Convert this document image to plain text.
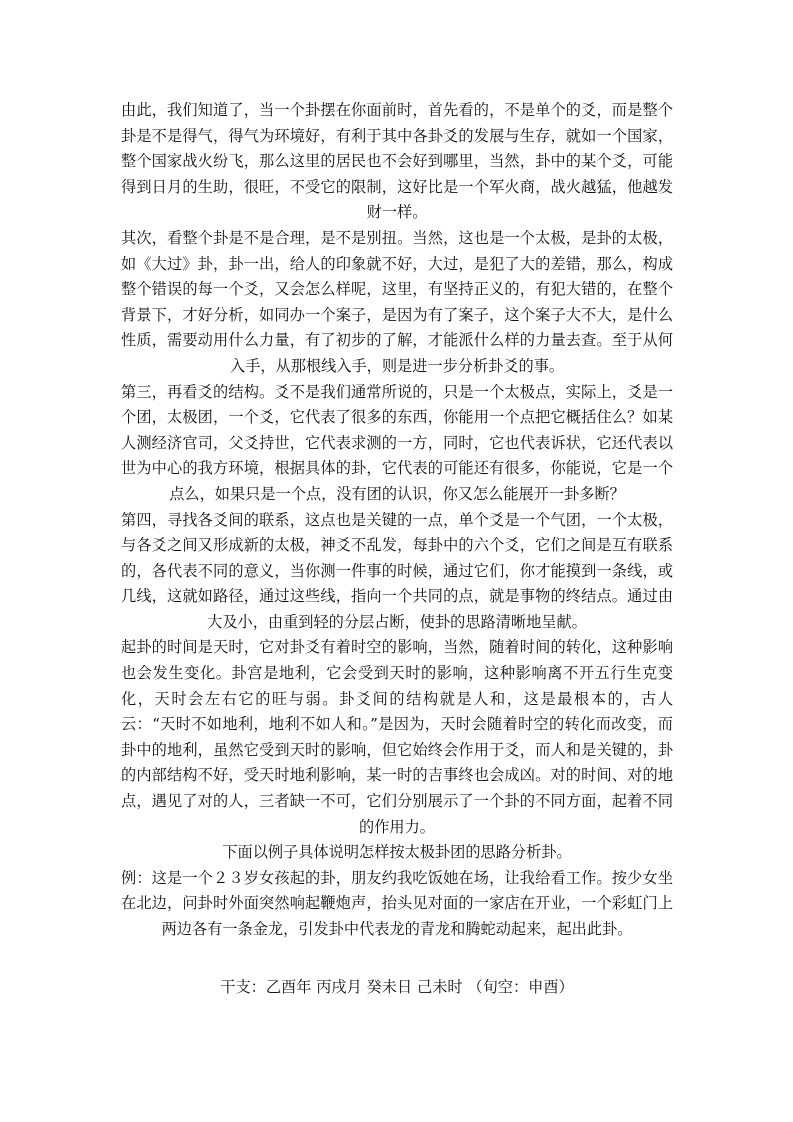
由此，我们知道了，当一个卦摆在你面前时，首先看的，不是单个的爻，而是整个卦是不是得气，得气为环境好，有利于其中各卦爻的发展与生存，就如一个国家，整个国家战火纷飞，那么这里的居民也不会好到哪里，当然，卦中的某个爻，可能得到日月的生助，很旺，不受它的限制，这好比是一个军火商，战火越猛，他越发财一样。

其次，看整个卦是不是合理，是不是别扭。当然，这也是一个太极，是卦的太极，如《大过》卦，卦一出，给人的印象就不好，大过，是犯了大的差错，那么，构成整个错误的每一个爻，又会怎么样呢，这里，有坚持正义的，有犯大错的，在整个背景下，才好分析，如同办一个案子，是因为有了案子，这个案子大不大，是什么性质，需要动用什么力量，有了初步的了解，才能派什么样的力量去查。至于从何入手，从那根线入手，则是进一步分析卦爻的事。

第三，再看爻的结构。爻不是我们通常所说的，只是一个太极点，实际上，爻是一个团，太极团，一个爻，它代表了很多的东西，你能用一个点把它概括住么？如某人测经济官司，父爻持世，它代表求测的一方，同时，它也代表诉状，它还代表以世为中心的我方环境，根据具体的卦，它代表的可能还有很多，你能说，它是一个点么，如果只是一个点，没有团的认识，你又怎么能展开一卦多断？

第四，寻找各爻间的联系，这点也是关键的一点，单个爻是一个气团，一个太极，与各爻之间又形成新的太极，神爻不乱发，每卦中的六个爻，它们之间是互有联系的，各代表不同的意义，当你测一件事的时候，通过它们，你才能摸到一条线，或几线，这就如路径，通过这些线，指向一个共同的点，就是事物的终结点。通过由大及小，由重到轻的分层占断，使卦的思路清晰地呈献。

起卦的时间是天时，它对卦爻有着时空的影响，当然，随着时间的转化，这种影响也会发生变化。卦宫是地利，它会受到天时的影响，这种影响离不开五行生克变化，天时会左右它的旺与弱。卦爻间的结构就是人和，这是最根本的，古人云：“天时不如地利，地利不如人和。”是因为，天时会随着时空的转化而改变，而卦中的地利，虽然它受到天时的影响，但它始终会作用于爻，而人和是关键的，卦的内部结构不好，受天时地利影响，某一时的吉事终也会成凶。对的时间、对的地点，遇见了对的人，三者缺一不可，它们分别展示了一个卦的不同方面，起着不同的作用力。

下面以例子具体说明怎样按太极卦团的思路分析卦。

例：这是一个２３岁女孩起的卦，朋友约我吃饭她在场，让我给看工作。按少女坐在北边，问卦时外面突然响起鞭炮声，抬头见对面的一家店在开业，一个彩虹门上两边各有一条金龙，引发卦中代表龙的青龙和腾蛇动起来，起出此卦。

干支：乙酉年 丙戌月 癸未日 己未时 （旬空：申酉）
